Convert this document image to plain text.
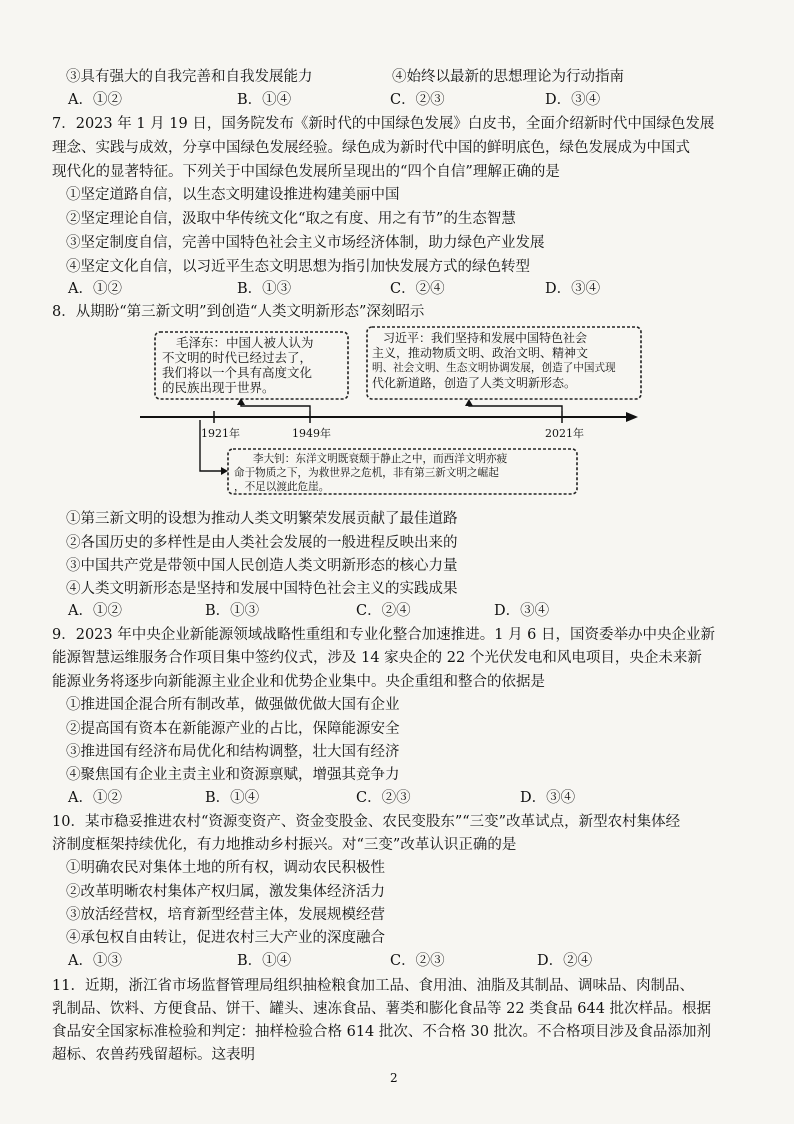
③具有强大的自我完善和自我发展能力	④始终以最新的思想理论为行动指南
A．①②	B．①④	C．②③	D．③④
7．2023 年 1 月 19 日，国务院发布《新时代的中国绿色发展》白皮书，全面介绍新时代中国绿色发展
理念、实践与成效，分享中国绿色发展经验。绿色成为新时代中国的鲜明底色，绿色发展成为中国式
现代化的显著特征。下列关于中国绿色发展所呈现出的“四个自信”理解正确的是
①坚定道路自信，以生态文明建设推进构建美丽中国
②坚定理论自信，汲取中华传统文化“取之有度、用之有节”的生态智慧
③坚定制度自信，完善中国特色社会主义市场经济体制，助力绿色产业发展
④坚定文化自信，以习近平生态文明思想为指引加快发展方式的绿色转型
A．①②	B．①③	C．②④	D．③④
8．从期盼“第三新文明”到创造“人类文明新形态”深刻昭示
毛泽东：中国人被人认为
不文明的时代已经过去了，
我们将以一个具有高度文化
的民族出现于世界。
习近平：我们坚持和发展中国特色社会
主义，推动物质文明、政治文明、精神文
明、社会文明、生态文明协调发展，创造了中国式现
代化新道路，创造了人类文明新形态。
李大钊：东洋文明既衰颓于静止之中，而西洋文明亦疲
命于物质之下，为救世界之危机，非有第三新文明之崛起
，不足以渡此危崖。
1921年	1949年	2021年
①第三新文明的设想为推动人类文明繁荣发展贡献了最佳道路
②各国历史的多样性是由人类社会发展的一般进程反映出来的
③中国共产党是带领中国人民创造人类文明新形态的核心力量
④人类文明新形态是坚持和发展中国特色社会主义的实践成果
A．①②	B．①③	C．②④	D．③④
9．2023 年中央企业新能源领域战略性重组和专业化整合加速推进。1 月 6 日，国资委举办中央企业新
能源智慧运维服务合作项目集中签约仪式，涉及 14 家央企的 22 个光伏发电和风电项目，央企未来新
能源业务将逐步向新能源主业企业和优势企业集中。央企重组和整合的依据是
①推进国企混合所有制改革，做强做优做大国有企业
②提高国有资本在新能源产业的占比，保障能源安全
③推进国有经济布局优化和结构调整，壮大国有经济
④聚焦国有企业主责主业和资源禀赋，增强其竞争力
A．①②	B．①④	C．②③	D．③④
10．某市稳妥推进农村“资源变资产、资金变股金、农民变股东”“三变”改革试点，新型农村集体经
济制度框架持续优化，有力地推动乡村振兴。对“三变”改革认识正确的是
①明确农民对集体土地的所有权，调动农民积极性
②改革明晰农村集体产权归属，激发集体经济活力
③放活经营权，培育新型经营主体，发展规模经营
④承包权自由转让，促进农村三大产业的深度融合
A．①③	B．①④	C．②③	D．②④
11．近期，浙江省市场监督管理局组织抽检粮食加工品、食用油、油脂及其制品、调味品、肉制品、
乳制品、饮料、方便食品、饼干、罐头、速冻食品、薯类和膨化食品等 22 类食品 644 批次样品。根据
食品安全国家标准检验和判定：抽样检验合格 614 批次、不合格 30 批次。不合格项目涉及食品添加剂
超标、农兽药残留超标。这表明
2
